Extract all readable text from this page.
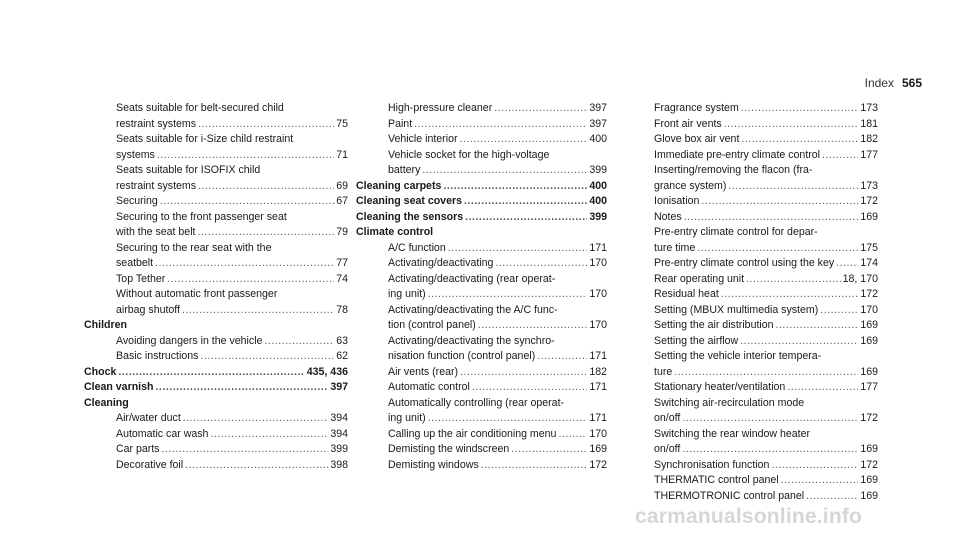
Index 565
Seats suitable for belt-secured child
restraint systems .....	75
Seats suitable for i-Size child restraint
systems .....	71
Seats suitable for ISOFIX child
restraint systems .....	69
Securing .....	67
Securing to the front passenger seat
with the seat belt .....	79
Securing to the rear seat with the
seatbelt .....	77
Top Tether .....	74
Without automatic front passenger
airbag shutoff .....	78
Children
Avoiding dangers in the vehicle .....	63
Basic instructions .....	62
Chock .....	435, 436
Clean varnish .....	397
Cleaning
Air/water duct .....	394
Automatic car wash .....	394
Car parts .....	399
Decorative foil .....	398
High-pressure cleaner .....	397
Paint .....	397
Vehicle interior .....	400
Vehicle socket for the high-voltage
battery .....	399
Cleaning carpets .....	400
Cleaning seat covers .....	400
Cleaning the sensors .....	399
Climate control
A/C function .....	171
Activating/deactivating .....	170
Activating/deactivating (rear operat-
ing unit) .....	170
Activating/deactivating the A/C func-
tion (control panel) .....	170
Activating/deactivating the synchro-
nisation function (control panel) .....	171
Air vents (rear) .....	182
Automatic control .....	171
Automatically controlling (rear operat-
ing unit) .....	171
Calling up the air conditioning menu .....	170
Demisting the windscreen .....	169
Demisting windows .....	172
Fragrance system .....	173
Front air vents .....	181
Glove box air vent .....	182
Immediate pre-entry climate control .....	177
Inserting/removing the flacon (fra-
grance system) .....	173
Ionisation .....	172
Notes .....	169
Pre-entry climate control for depar-
ture time .....	175
Pre-entry climate control using the key ..... 174
Rear operating unit .....	18, 170
Residual heat .....	172
Setting (MBUX multimedia system) .....	170
Setting the air distribution .....	169
Setting the airflow .....	169
Setting the vehicle interior tempera-
ture .....	169
Stationary heater/ventilation .....	177
Switching air-recirculation mode
on/off .....	172
Switching the rear window heater
on/off .....	169
Synchronisation function .....	172
THERMATIC control panel .....	169
THERMOTRONIC control panel .....	169
carmanualsonline.info
